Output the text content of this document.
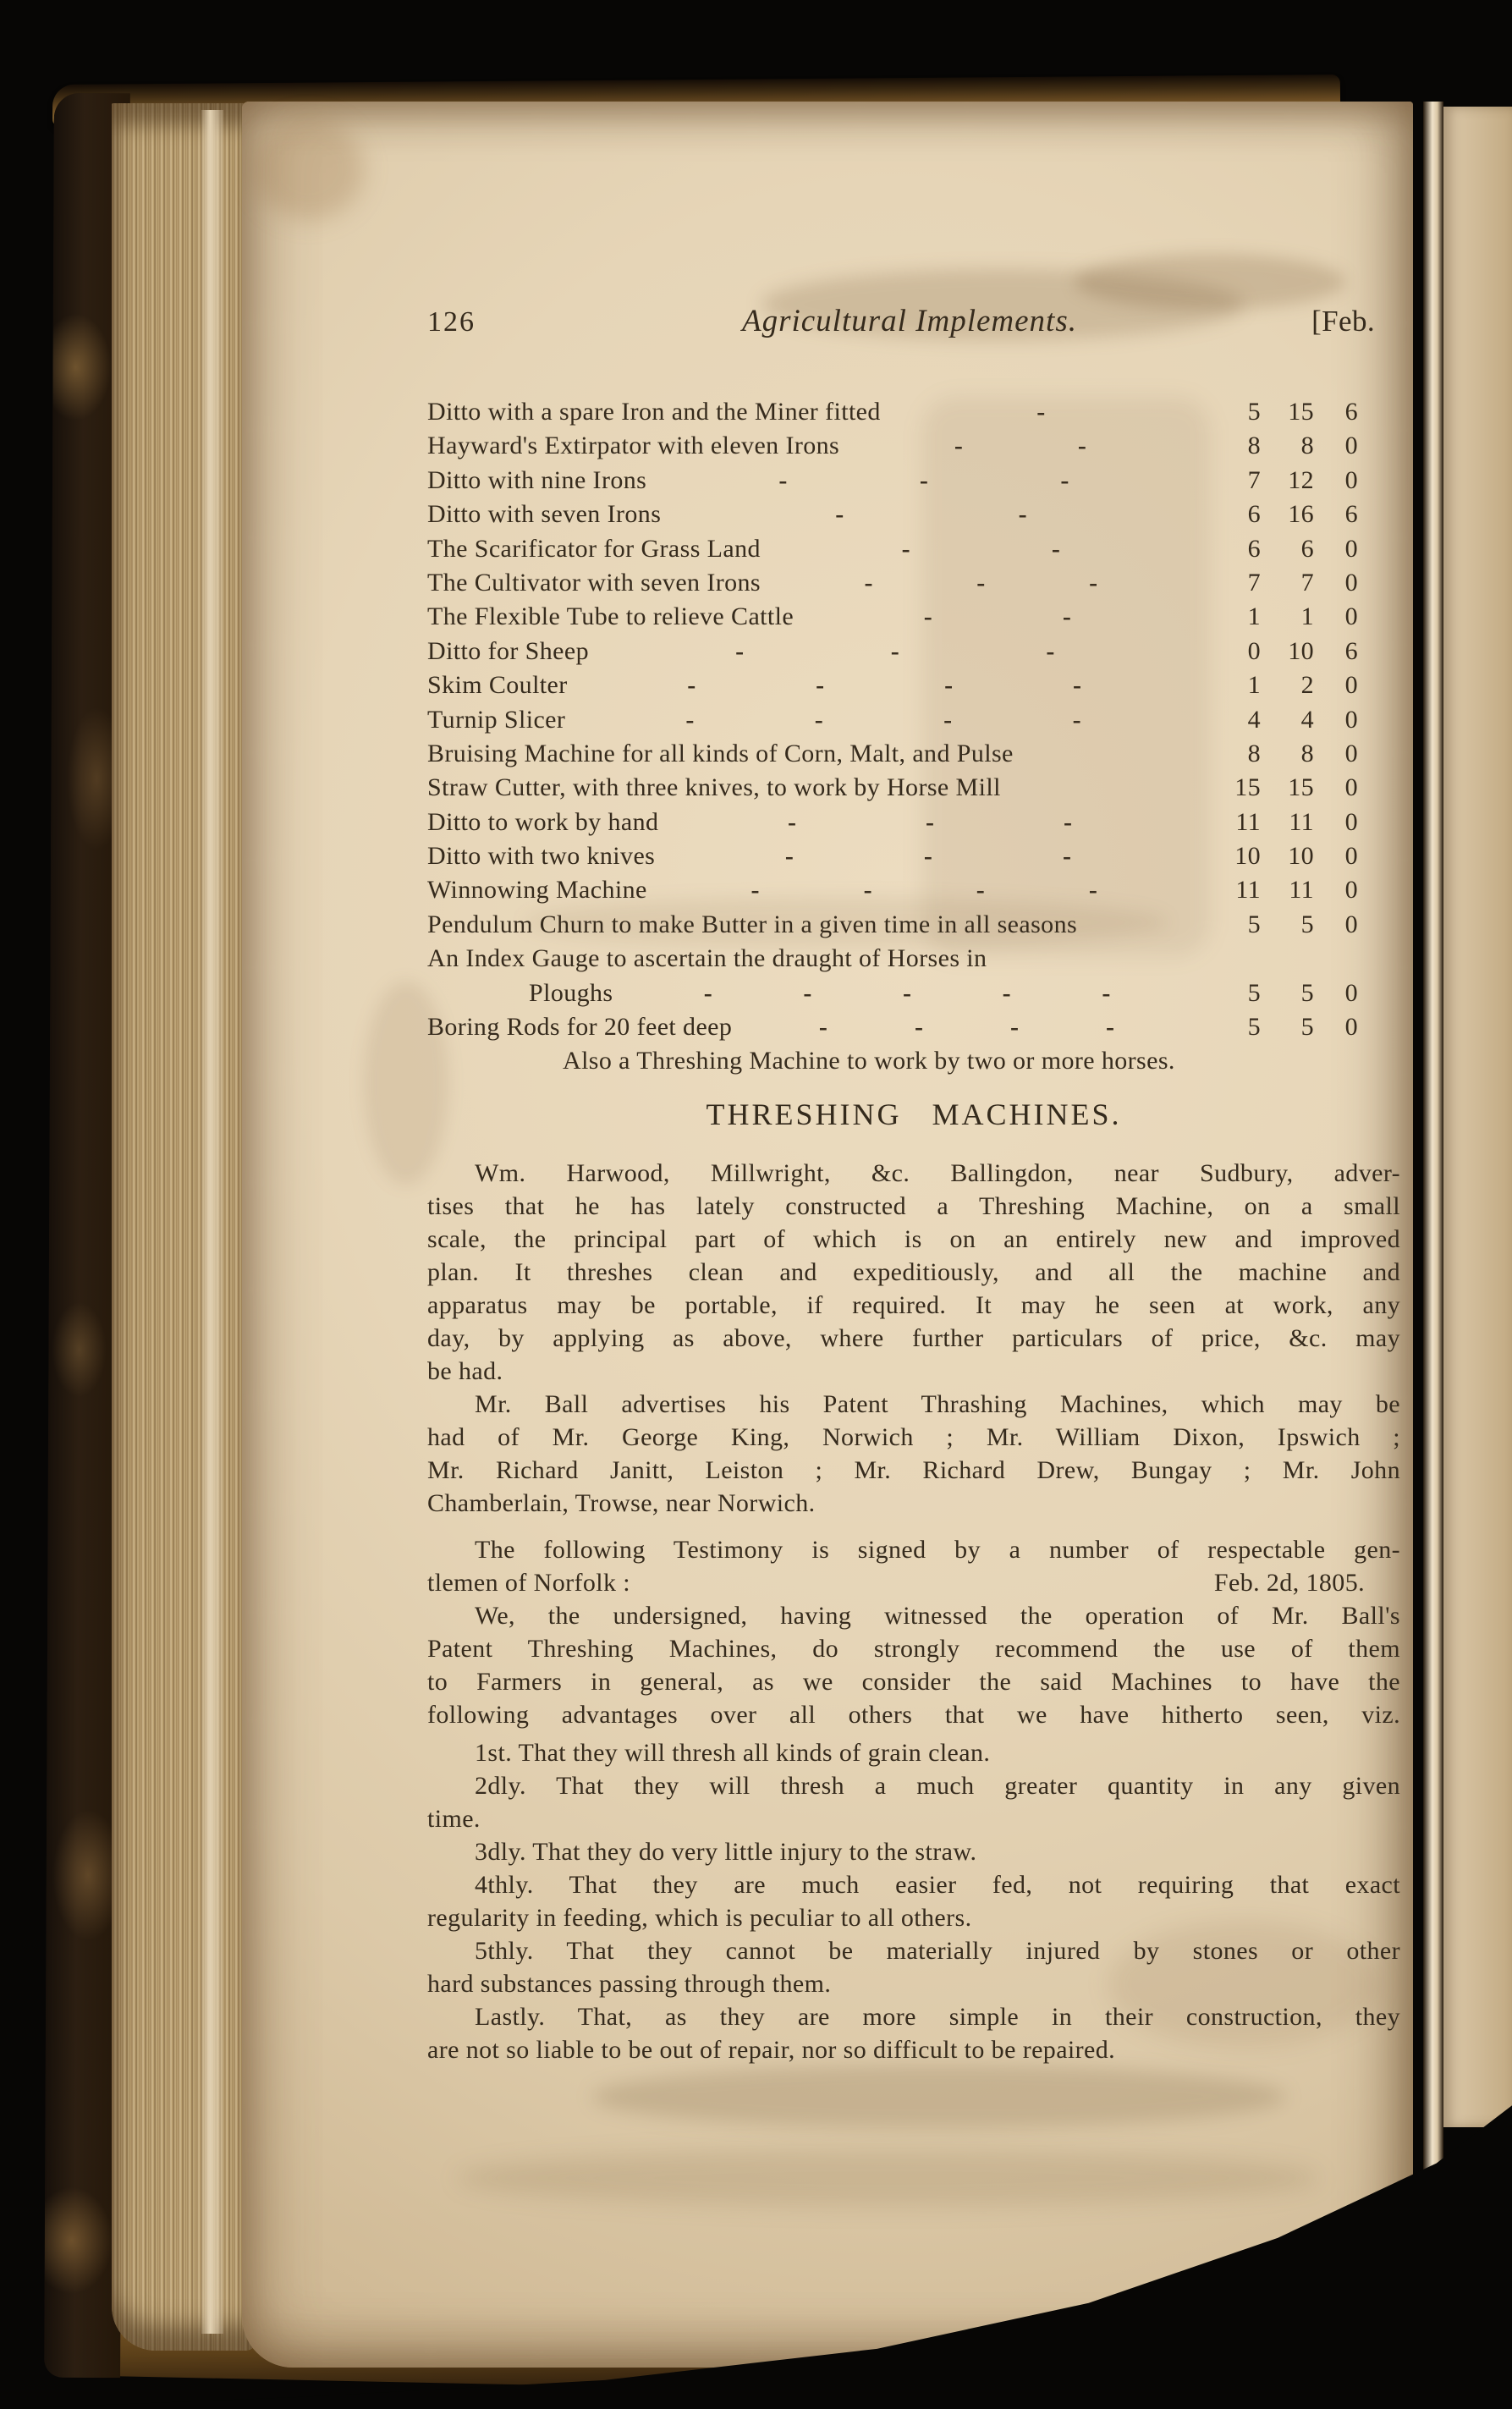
126	Agricultural Implements.	[Feb.
Ditto with a spare Iron and the Miner fitted	-	5	15	6
Hayward's Extirpator with eleven Irons	-	-	8	8	0
Ditto with nine Irons	-	-	-	7	12	0
Ditto with seven Irons	-	-	6	16	6
The Scarificator for Grass Land	-	-	6	6	0
The Cultivator with seven Irons	-	-	-	7	7	0
The Flexible Tube to relieve Cattle	-	-	1	1	0
Ditto for Sheep	-	-	-	0	10	6
Skim Coulter	-	-	-	-	1	2	0
Turnip Slicer	-	-	-	-	4	4	0
Bruising Machine for all kinds of Corn, Malt, and Pulse	8	8	0
Straw Cutter, with three knives, to work by Horse Mill	15	15	0
Ditto to work by hand	-	-	-	11	11	0
Ditto with two knives	-	-	-	10	10	0
Winnowing Machine	-	-	-	-	11	11	0
Pendulum Churn to make Butter in a given time in all seasons	5	5	0
An Index Gauge to ascertain the draught of Horses in
Ploughs	-	-	-	-	-	5	5	0
Boring Rods for 20 feet deep	-	-	-	-	5	5	0
Also a Threshing Machine to work by two or more horses.
THRESHING MACHINES.
Wm. Harwood, Millwright, &c. Ballingdon, near Sudbury, adver-
tises that he has lately constructed a Threshing Machine, on a small
scale, the principal part of which is on an entirely new and improved
plan. It threshes clean and expeditiously, and all the machine and
apparatus may be portable, if required. It may he seen at work, any
day, by applying as above, where further particulars of price, &c. may
be had.
Mr. Ball advertises his Patent Thrashing Machines, which may be
had of Mr. George King, Norwich ; Mr. William Dixon, Ipswich ;
Mr. Richard Janitt, Leiston ; Mr. Richard Drew, Bungay ; Mr. John
Chamberlain, Trowse, near Norwich.
The following Testimony is signed by a number of respectable gen-
tlemen of Norfolk :	Feb. 2d, 1805.
We, the undersigned, having witnessed the operation of Mr. Ball's
Patent Threshing Machines, do strongly recommend the use of them
to Farmers in general, as we consider the said Machines to have the
following advantages over all others that we have hitherto seen, viz.
1st. That they will thresh all kinds of grain clean.
2dly. That they will thresh a much greater quantity in any given
time.
3dly. That they do very little injury to the straw.
4thly. That they are much easier fed, not requiring that exact
regularity in feeding, which is peculiar to all others.
5thly. That they cannot be materially injured by stones or other
hard substances passing through them.
Lastly. That, as they are more simple in their construction, they
are not so liable to be out of repair, nor so difficult to be repaired.
